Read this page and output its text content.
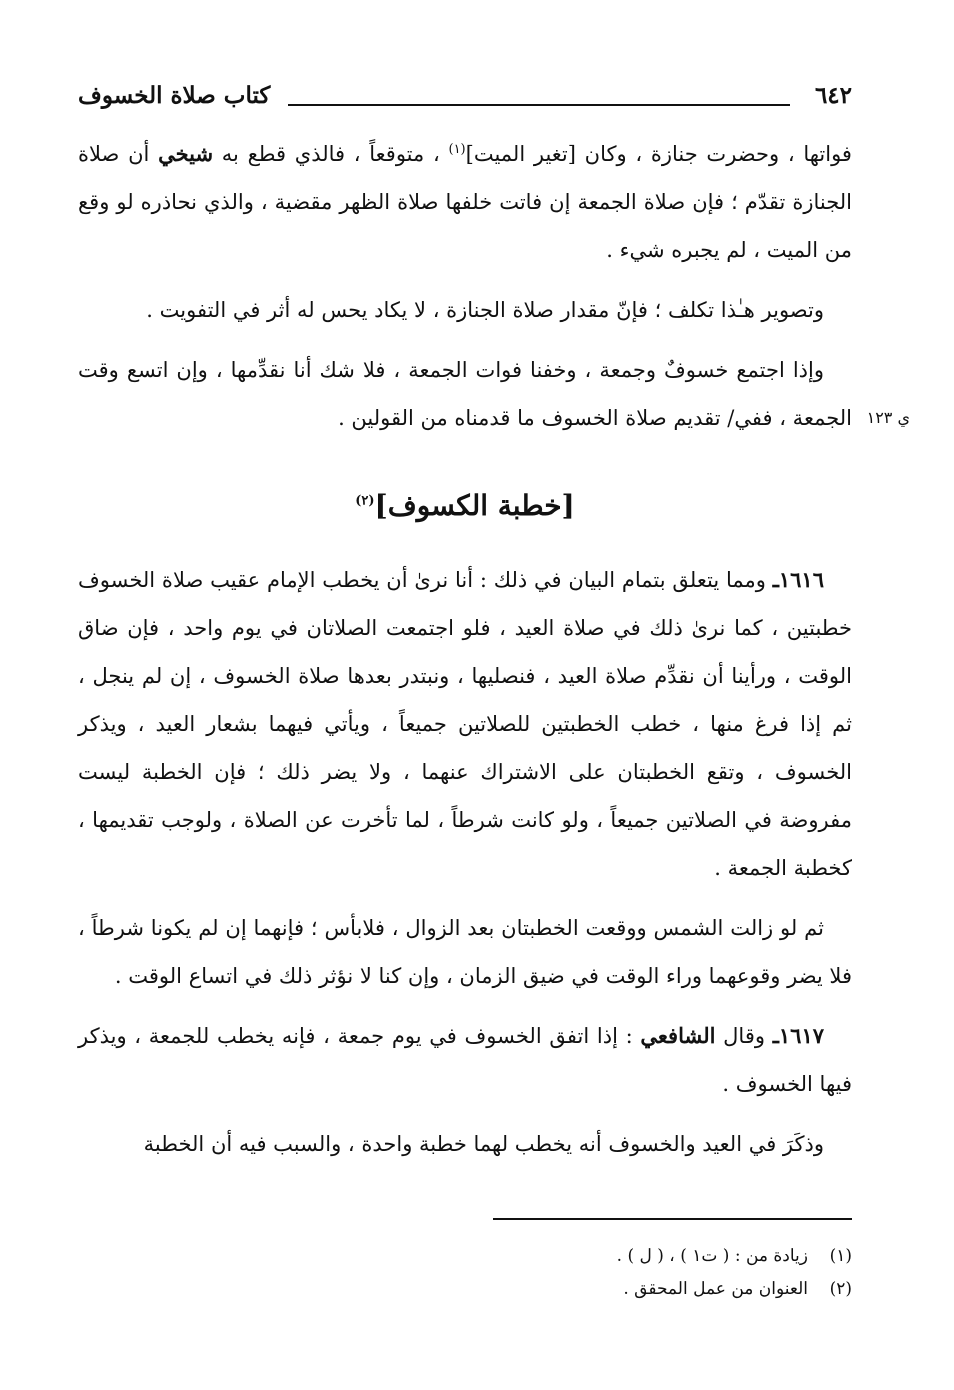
٦٤٢
كتاب صلاة الخسوف

فواتها ، وحضرت جنازة ، وكان [تغير الميت]$^{(١)}$ ، متوقعاً ، فالذي قطع به شيخي أن صلاة الجنازة تقدّم ؛ فإن صلاة الجمعة إن فاتت خلفها صلاة الظهر مقضية ، والذي نحاذره لو وقع من الميت ، لم يجبره شيء .

وتصوير هـٰذا تكلف ؛ فإنّ مقدار صلاة الجنازة ، لا يكاد يحس له أثر في التفويت .

وإذا اجتمع خسوفٌ وجمعة ، وخفنا فوات الجمعة ، فلا شك أنا نقدِّمها ، وإن اتسع وقت الجمعة ، ففي/ تقديم صلاة الخسوف ما قدمناه من القولين . ي ١٢٣

[خطبة الكسوف]$^{(٢)}$

١٦١٦ـ ومما يتعلق بتمام البيان في ذلك : أنا نرىٰ أن يخطب الإمام عقيب صلاة الخسوف خطبتين ، كما نرىٰ ذلك في صلاة العيد ، فلو اجتمعت الصلاتان في يوم واحد ، فإن ضاق الوقت ، ورأينا أن نقدِّم صلاة العيد ، فنصليها ، ونبتدر بعدها صلاة الخسوف ، إن لم ينجل ، ثم إذا فرغ منها ، خطب الخطبتين للصلاتين جميعاً ، ويأتي فيهما بشعار العيد ، ويذكر الخسوف ، وتقع الخطبتان على الاشتراك عنهما ، ولا يضر ذلك ؛ فإن الخطبة ليست مفروضة في الصلاتين جميعاً ، ولو كانت شرطاً ، لما تأخرت عن الصلاة ، ولوجب تقديمها ، كخطبة الجمعة .

ثم لو زالت الشمس ووقعت الخطبتان بعد الزوال ، فلابأس ؛ فإنهما إن لم يكونا شرطاً ، فلا يضر وقوعهما وراء الوقت في ضيق الزمان ، وإن كنا لا نؤثر ذلك في اتساع الوقت .

١٦١٧ـ وقال الشافعي : إذا اتفق الخسوف في يوم جمعة ، فإنه يخطب للجمعة ، ويذكر فيها الخسوف .

وذكَرَ في العيد والخسوف أنه يخطب لهما خطبة واحدة ، والسبب فيه أن الخطبة

(١)زيادة من : ( ت١ ) ، ( ل ) .
(٢)العنوان من عمل المحقق .
